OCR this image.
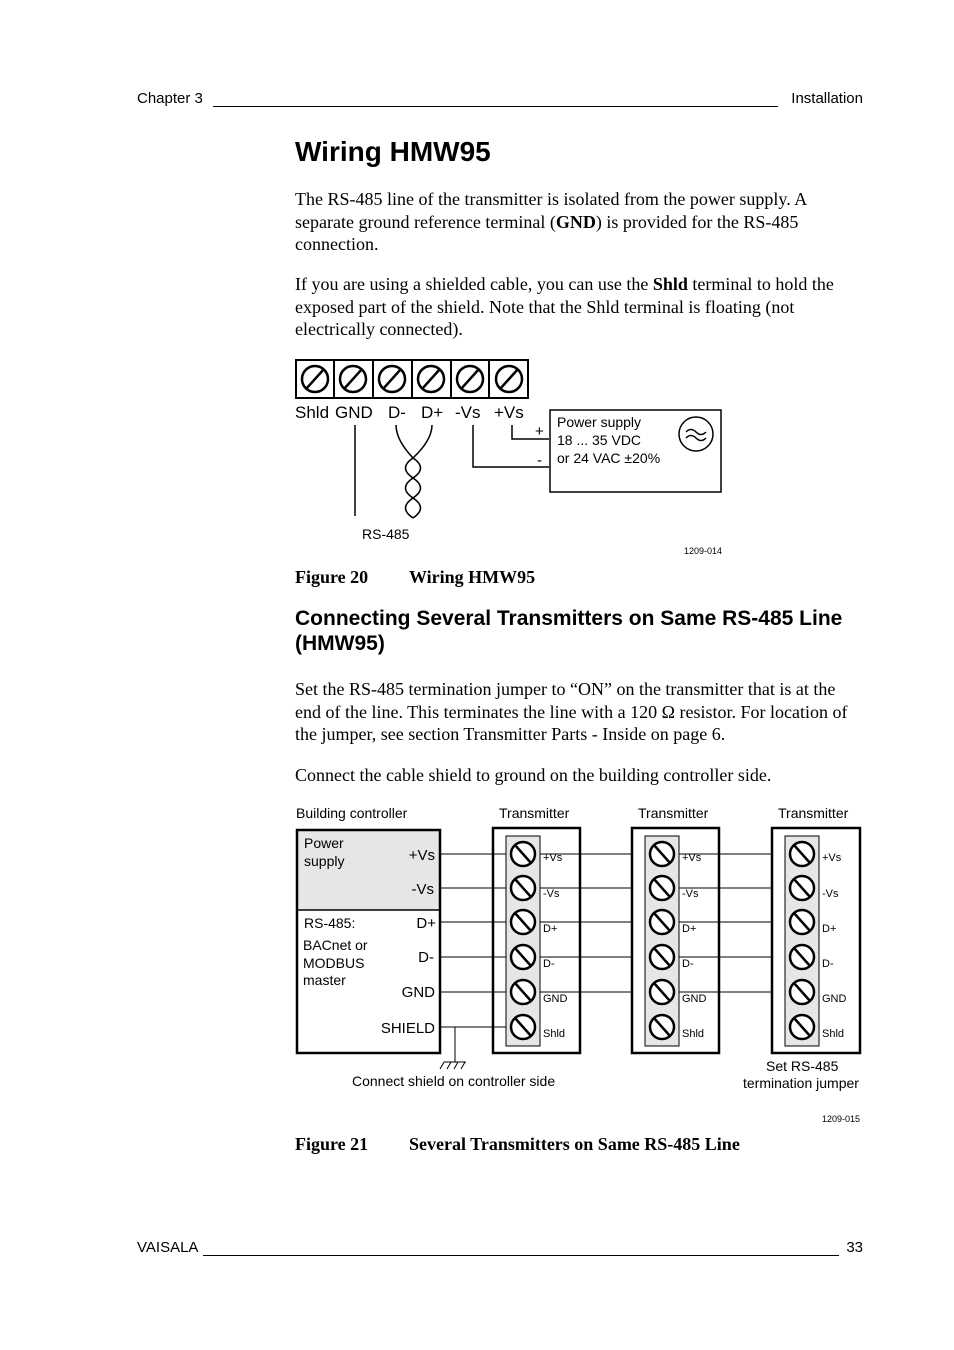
Chapter 3	Installation
Wiring HMW95

The RS-485 line of the transmitter is isolated from the power supply. A separate ground reference terminal (GND) is provided for the RS-485 connection.

If you are using a shielded cable, you can use the Shld terminal to hold the exposed part of the shield. Note that the Shld terminal is floating (not electrically connected).

Shld GND D- D+ -Vs +Vs
+
-
Power supply
18 ... 35 VDC
or 24 VAC ±20%
RS-485
1209-014
Figure 20 Wiring HMW95
Connecting Several Transmitters on Same RS-485 Line (HMW95)

Set the RS-485 termination jumper to “ON” on the transmitter that is at the end of the line. This terminates the line with a 120 Ω resistor. For location of the jumper, see section Transmitter Parts - Inside on page 6.

Connect the cable shield to ground on the building controller side.

Building controller	Transmitter	Transmitter	Transmitter
Power
supply
RS-485:
BACnet or
MODBUS
master
+Vs
-Vs
D+
D-
GND
SHIELD
+Vs
-Vs
D+
D-
GND
Shld
+Vs
-Vs
D+
D-
GND
Shld
+Vs
-Vs
D+
D-
GND
Shld
Connect shield on controller side
Set RS-485
termination jumper
1209-015
Figure 21 Several Transmitters on Same RS-485 Line
VAISALA	33
